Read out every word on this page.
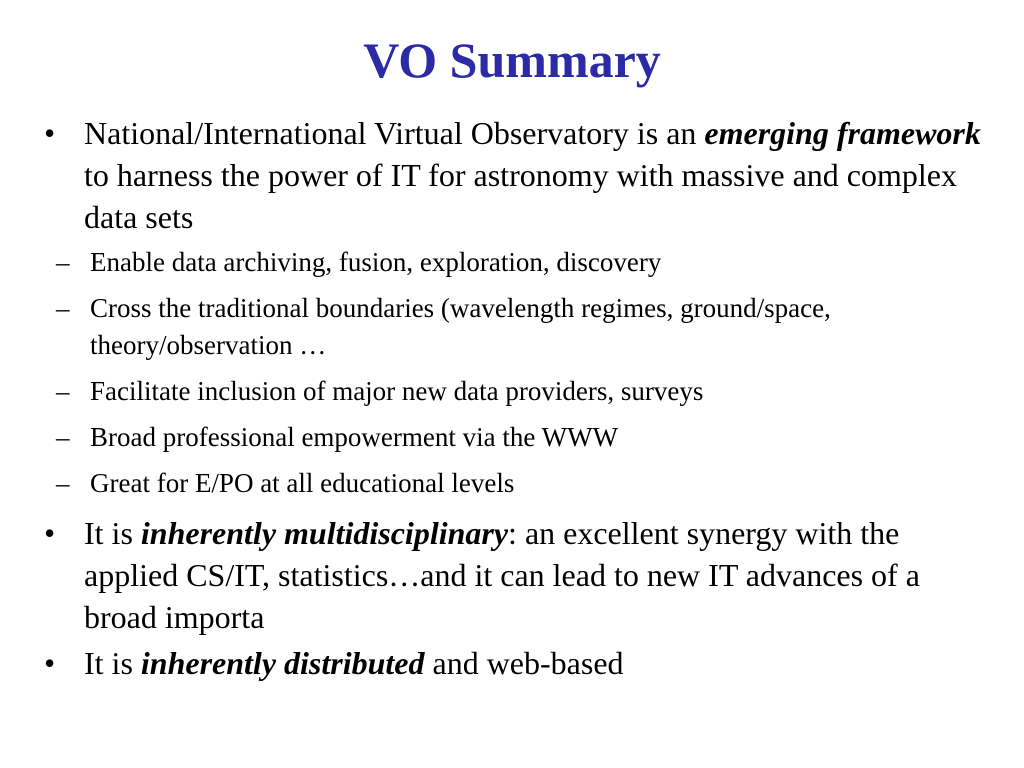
VO Summary
• National/International Virtual Observatory is an emerging framework to harness the power of IT for astronomy with massive and complex data sets
– Enable data archiving, fusion, exploration, discovery
– Cross the traditional boundaries (wavelength regimes, ground/space, theory/observation …
– Facilitate inclusion of major new data providers, surveys
– Broad professional empowerment via the WWW
– Great for E/PO at all educational levels
• It is inherently multidisciplinary: an excellent synergy with the applied CS/IT, statistics…and it can lead to new IT advances of a broad importa
• It is inherently distributed and web-based
